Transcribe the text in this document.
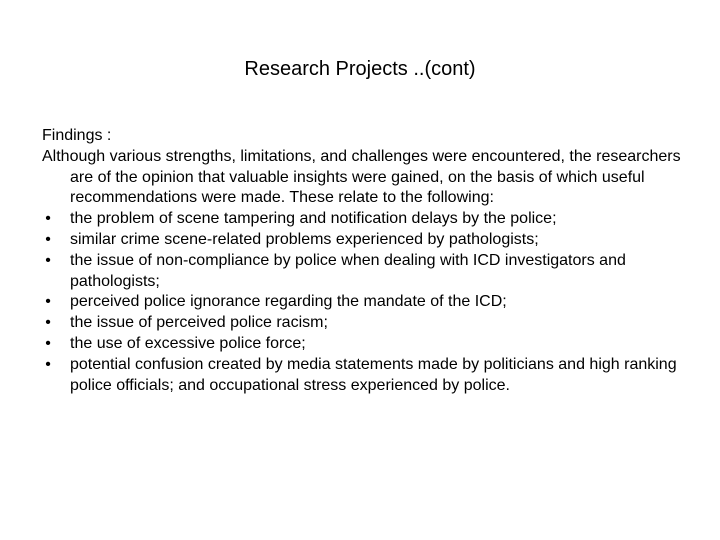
Research Projects ..(cont)

Findings :

Although various strengths, limitations, and challenges were encountered, the researchers are of the opinion that valuable insights were gained, on the basis of which useful recommendations were made. These relate to the following:

• the problem of scene tampering and notification delays by the police;
• similar crime scene-related problems experienced by pathologists;
• the issue of non-compliance by police when dealing with ICD investigators and pathologists;
• perceived police ignorance regarding the mandate of the ICD;
• the issue of perceived police racism;
• the use of excessive police force;
• potential confusion created by media statements made by politicians and high ranking police officials; and occupational stress experienced by police.
